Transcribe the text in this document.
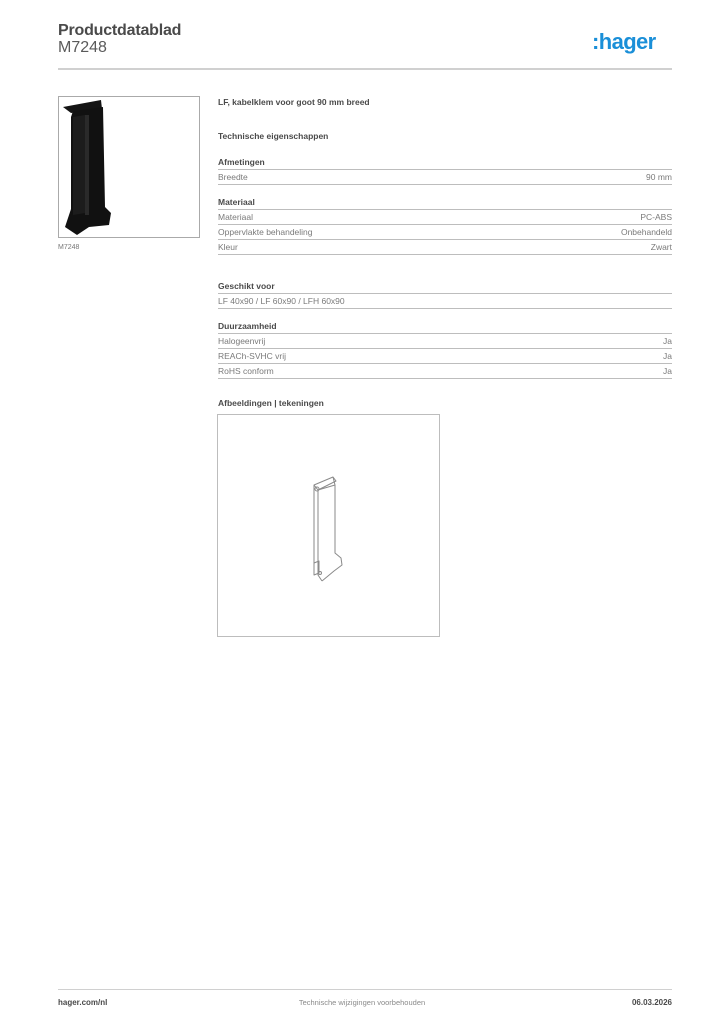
Productdatablad
M7248	:hager
M7248
LF, kabelklem voor goot 90 mm breed
Technische eigenschappen
Afmetingen
Breedte	90 mm
Materiaal
Materiaal	PC-ABS
Oppervlakte behandeling	Onbehandeld
Kleur	Zwart
Geschikt voor
LF 40x90 / LF 60x90 / LFH 60x90
Duurzaamheid
Halogeenvrij	Ja
REACh-SVHC vrij	Ja
RoHS conform	Ja
Afbeeldingen | tekeningen
hager.com/nl	Technische wijzigingen voorbehouden	06.03.2026
